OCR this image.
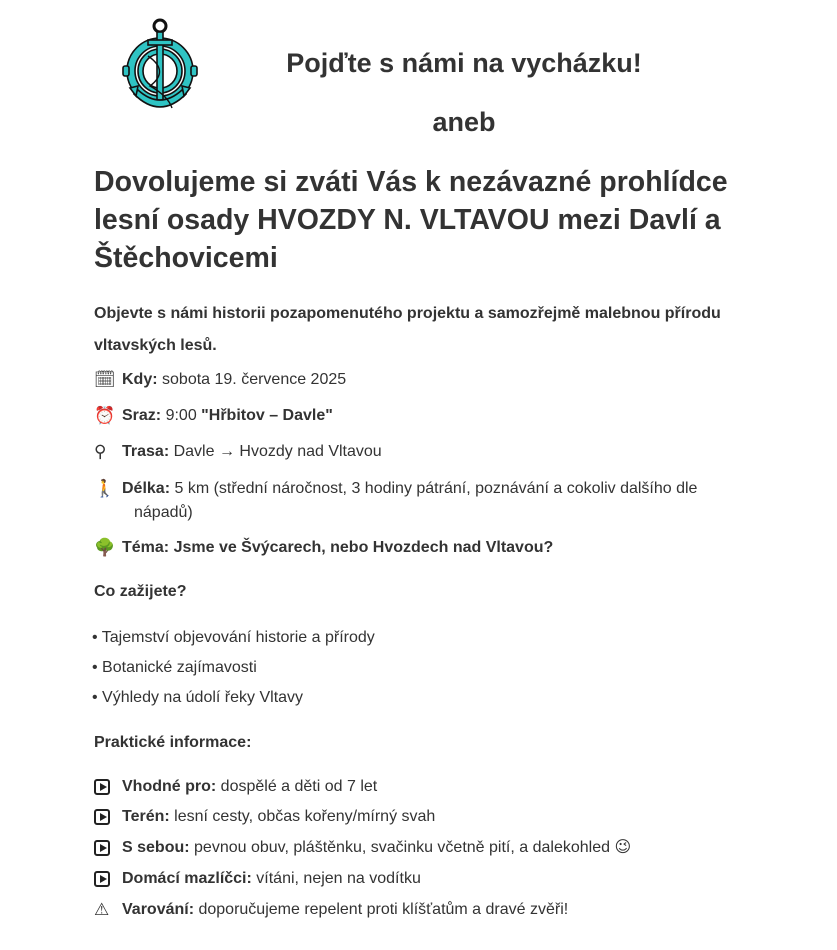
Pojďte s námi na vycházku!
aneb
Dovolujeme si zváti Vás k nezávazné prohlídce lesní osady HVOZDY N. VLTAVOU mezi Davlí a Štěchovicemi
Objevte s námi historii pozapomenutého projektu a samozřejmě malebnou přírodu vltavských lesů.
🗓 Kdy: sobota 19. července 2025
⏰ Sraz: 9:00 "Hřbitov – Davle"
⚲ Trasa: Davle → Hvozdy nad Vltavou
🚶 Délka: 5 km (střední náročnost, 3 hodiny pátrání, poznávání a cokoliv dalšího dle
nápadů)
🌳 Téma: Jsme ve Švýcarech, nebo Hvozdech nad Vltavou?
Co zažijete?
• Tajemství objevování historie a přírody
• Botanické zajímavosti
• Výhledy na údolí řeky Vltavy
Praktické informace:
Vhodné pro: dospělé a děti od 7 let
Terén: lesní cesty, občas kořeny/mírný svah
S sebou: pevnou obuv, pláštěnku, svačinku včetně pití, a dalekohled 😉
Domácí mazlíčci: vítáni, nejen na vodítku
⚠ Varování: doporučujeme repelent proti klíšťatům a dravé zvěři!
